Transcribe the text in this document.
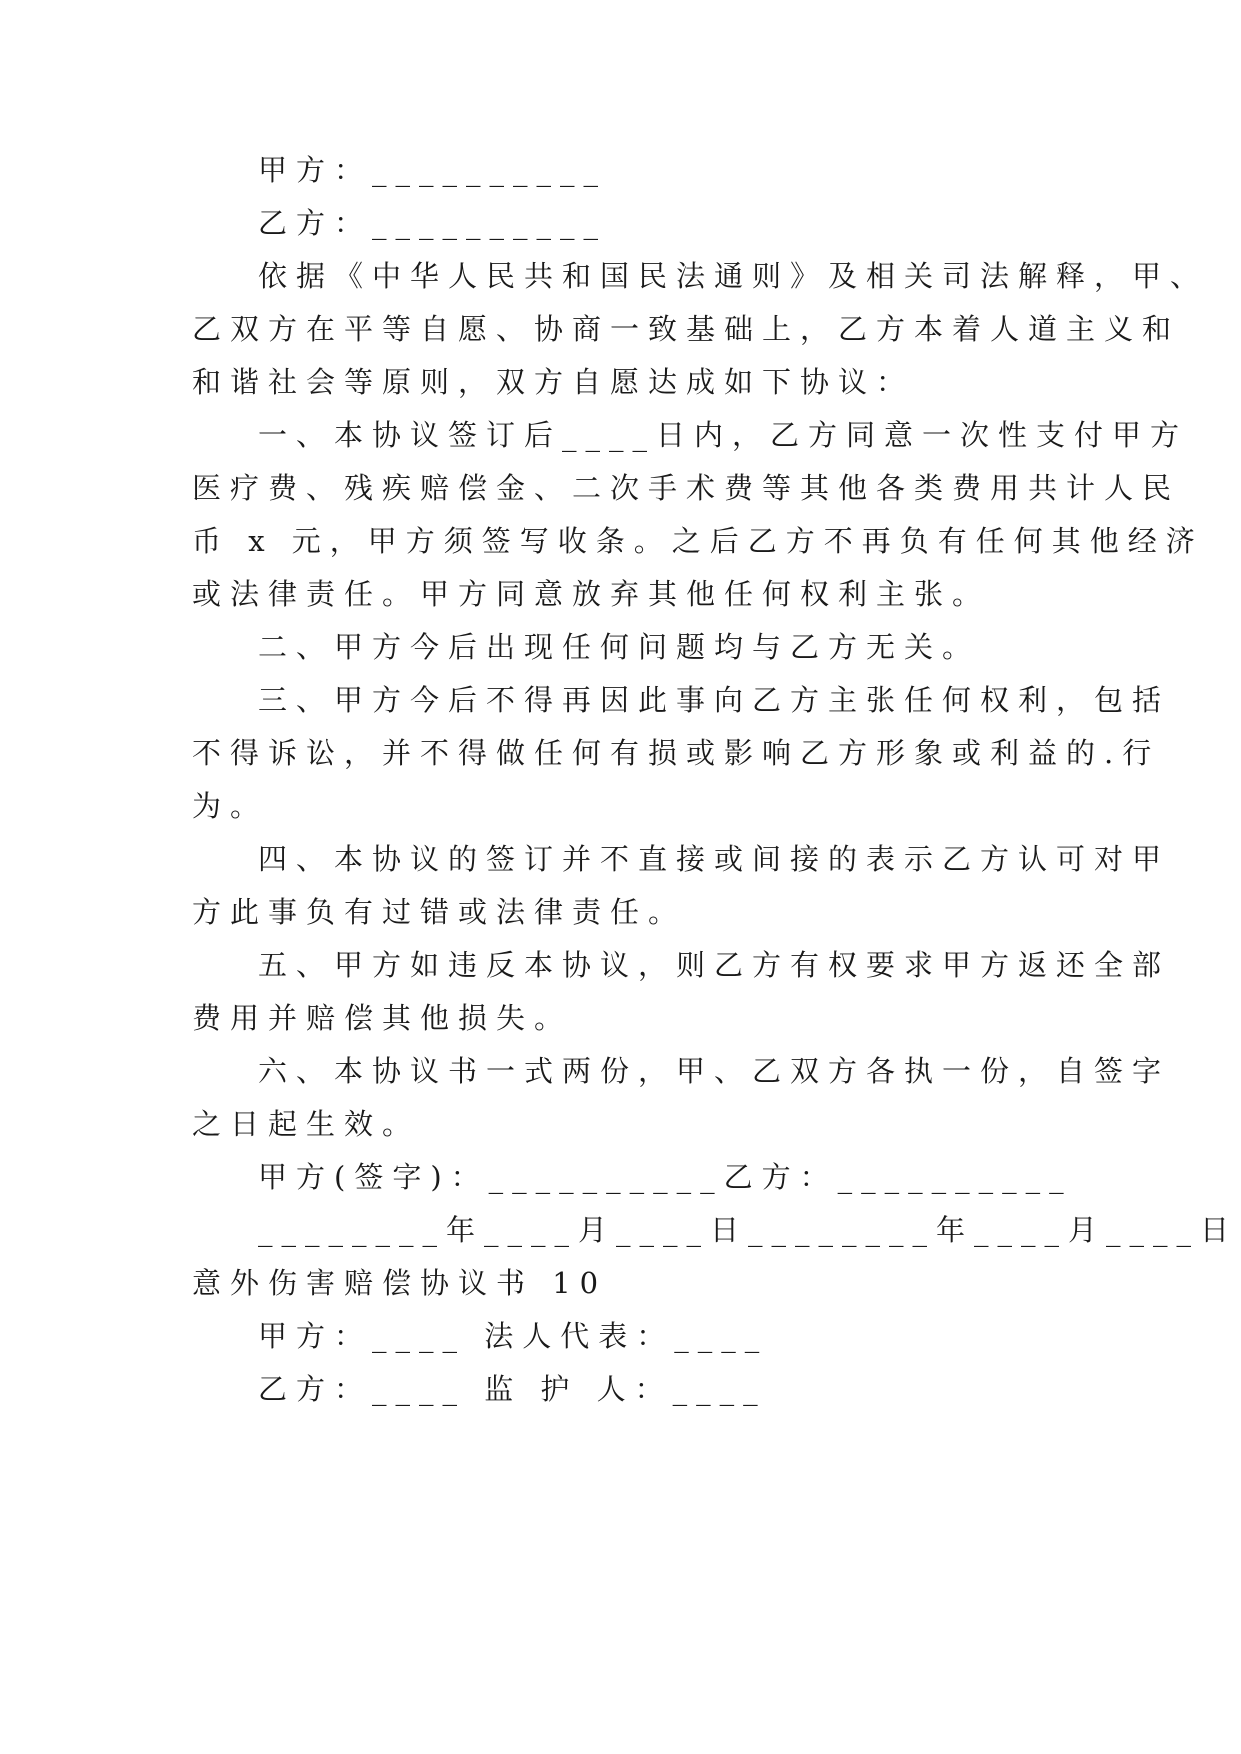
甲方：__________

乙方：__________

依据《中华人民共和国民法通则》及相关司法解释，甲、

乙双方在平等自愿、协商一致基础上，乙方本着人道主义和

和谐社会等原则，双方自愿达成如下协议：

一、本协议签订后____日内，乙方同意一次性支付甲方

医疗费、残疾赔偿金、二次手术费等其他各类费用共计人民

币 x 元，甲方须签写收条。之后乙方不再负有任何其他经济

或法律责任。甲方同意放弃其他任何权利主张。

二、甲方今后出现任何问题均与乙方无关。

三、甲方今后不得再因此事向乙方主张任何权利，包括

不得诉讼，并不得做任何有损或影响乙方形象或利益的.行

为。

四、本协议的签订并不直接或间接的表示乙方认可对甲

方此事负有过错或法律责任。

五、甲方如违反本协议，则乙方有权要求甲方返还全部

费用并赔偿其他损失。

六、本协议书一式两份，甲、乙双方各执一份，自签字

之日起生效。

甲方(签字)：__________乙方：__________

________年____月____日________年____月____日

意外伤害赔偿协议书 10

甲方：____ 法人代表：____

乙方：____ 监 护 人：____
